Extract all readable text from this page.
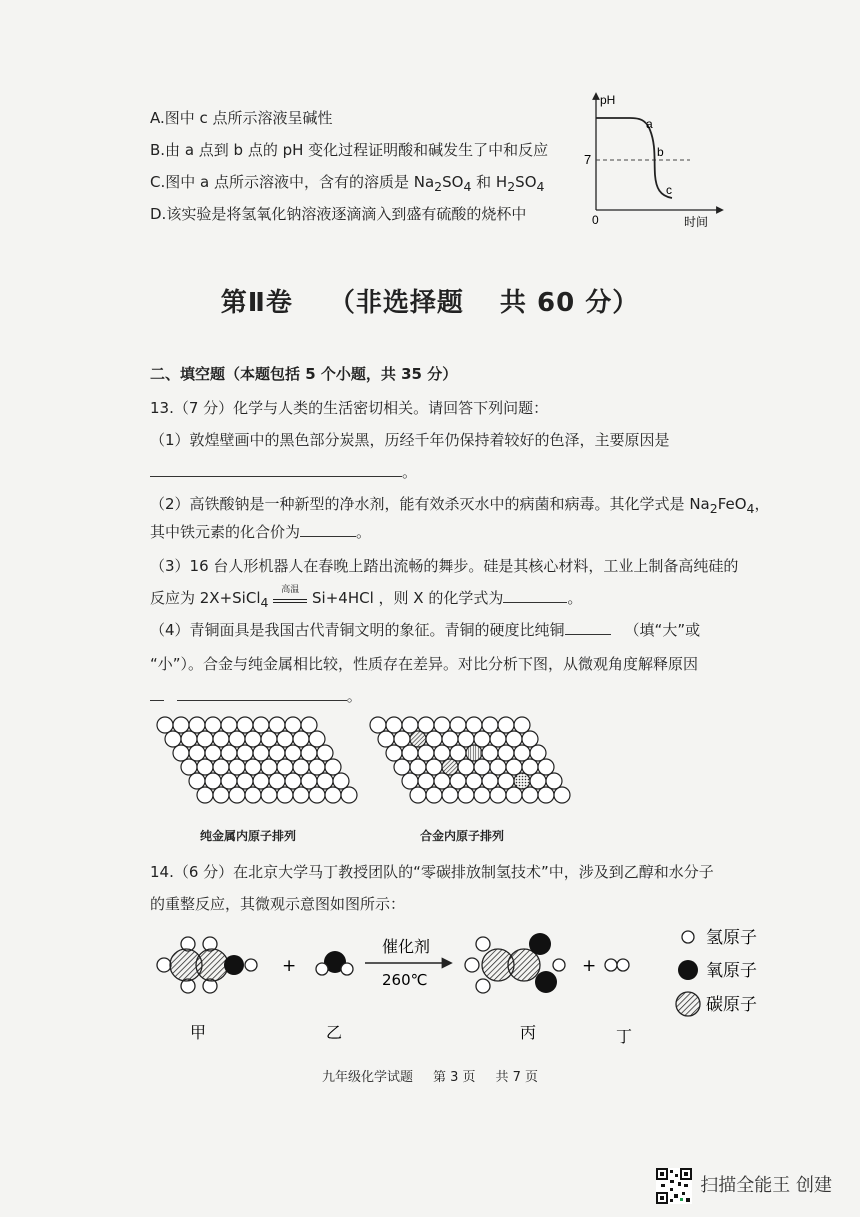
A.图中 c 点所示溶液呈碱性
B.由 a 点到 b 点的 pH 变化过程证明酸和碱发生了中和反应
C.图中 a 点所示溶液中，含有的溶质是 $Na_2SO_4$ 和 $H_2SO_4$
D.该实验是将氢氧化钠溶液逐滴滴入到盛有硫酸的烧杯中
pH
时间
0
7
a
b
c
第Ⅱ卷 （非选择题 共 60 分）
二、填空题（本题包括 5 个小题，共 35 分）
13.（7 分）化学与人类的生活密切相关。请回答下列问题：
（1）敦煌壁画中的黑色部分炭黑，历经千年仍保持着较好的色泽，主要原因是
。
（2）高铁酸钠是一种新型的净水剂，能有效杀灭水中的病菌和病毒。其化学式是 $Na_2FeO_4$，
其中铁元素的化合价为	。
（3）16 台人形机器人在春晚上踏出流畅的舞步。硅是其核心材料，工业上制备高纯硅的
反应为 2X+SiCl$_4$
高温 Si+4HCl ，则 X 的化学式为	。
（4）青铜面具是我国古代青铜文明的象征。青铜的硬度比纯铜	（填“大”或
“小”）。合金与纯金属相比较，性质存在差异。对比分析下图，从微观角度解释原因
。
纯金属内原子排列	合金内原子排列
14.（6 分）在北京大学马丁教授团队的“零碳排放制氢技术”中，涉及到乙醇和水分子
的重整反应，其微观示意图如图所示：
+
催化剂
260℃
+
氢原子
氧原子
碳原子
甲	乙	丙	丁
九年级化学试题 第 3 页 共 7 页
扫描全能王 创建
